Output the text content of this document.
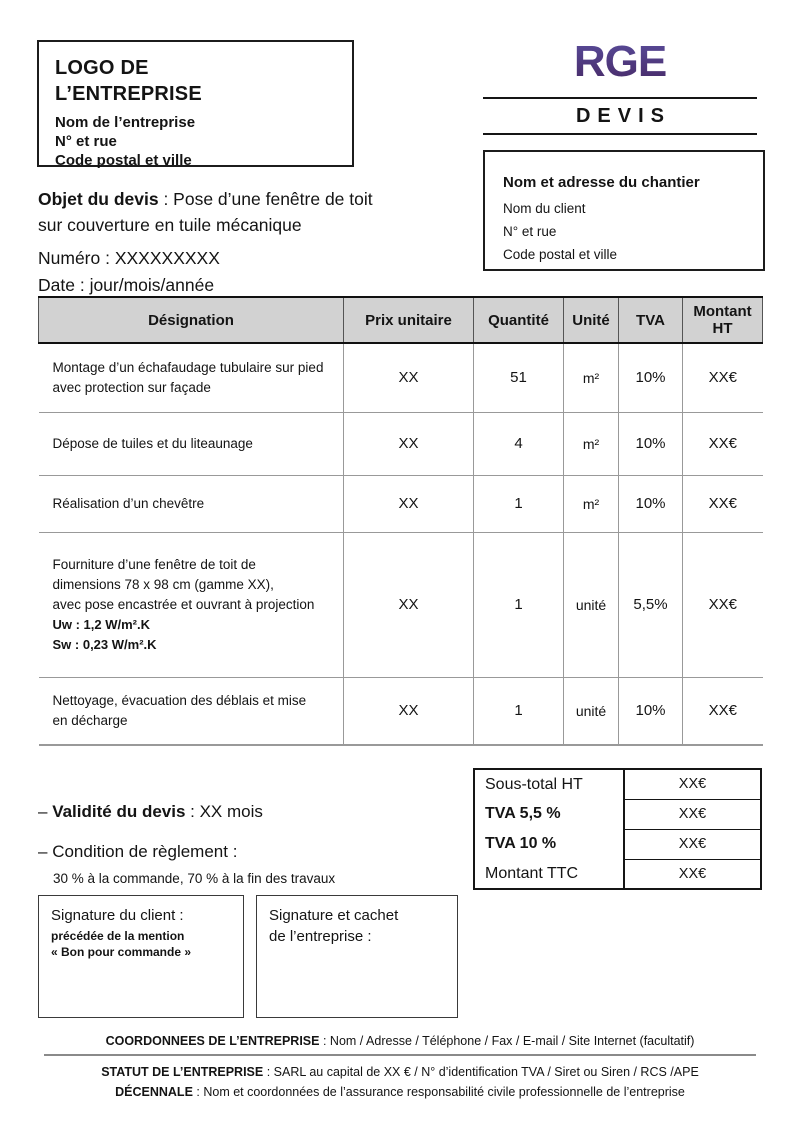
LOGO DE
L’ENTREPRISE
Nom de l’entreprise
N° et rue
Code postal et ville
RGE
DEVIS
Nom et adresse du chantier
Nom du client
N° et rue
Code postal et ville
Objet du devis : Pose d’une fenêtre de toit
sur couverture en tuile mécanique
Numéro : XXXXXXXXX
Date : jour/mois/année
Désignation	Prix unitaire	Quantité	Unité	TVA	Montant HT

Montage d’un échafaudage tubulaire sur pied
avec protection sur façade	XX	51	m²	10%	XX€

Dépose de tuiles et du liteaunage	XX	4	m²	10%	XX€

Réalisation d’un chevêtre	XX	1	m²	10%	XX€

Fourniture d’une fenêtre de toit de
dimensions 78 x 98 cm (gamme XX),
avec pose encastrée et ouvrant à projection
Uw : 1,2 W/m².K
Sw : 0,23 W/m².K	XX	1	unité	5,5%	XX€

Nettoyage, évacuation des déblais et mise
en décharge	XX	1	unité	10%	XX€
– Validité du devis : XX mois
– Condition de règlement :
30 % à la commande, 70 % à la fin des travaux
Sous-total HT	XX€
TVA 5,5 %	XX€
TVA 10 %	XX€
Montant TTC	XX€
Signature du client :
précédée de la mention
« Bon pour commande »
Signature et cachet
de l’entreprise :
COORDONNEES DE L’ENTREPRISE : Nom / Adresse / Téléphone / Fax / E-mail / Site Internet (facultatif)
STATUT DE L’ENTREPRISE : SARL au capital de XX € / N° d’identification TVA / Siret ou Siren / RCS /APE
DÉCENNALE : Nom et coordonnées de l’assurance responsabilité civile professionnelle de l’entreprise
